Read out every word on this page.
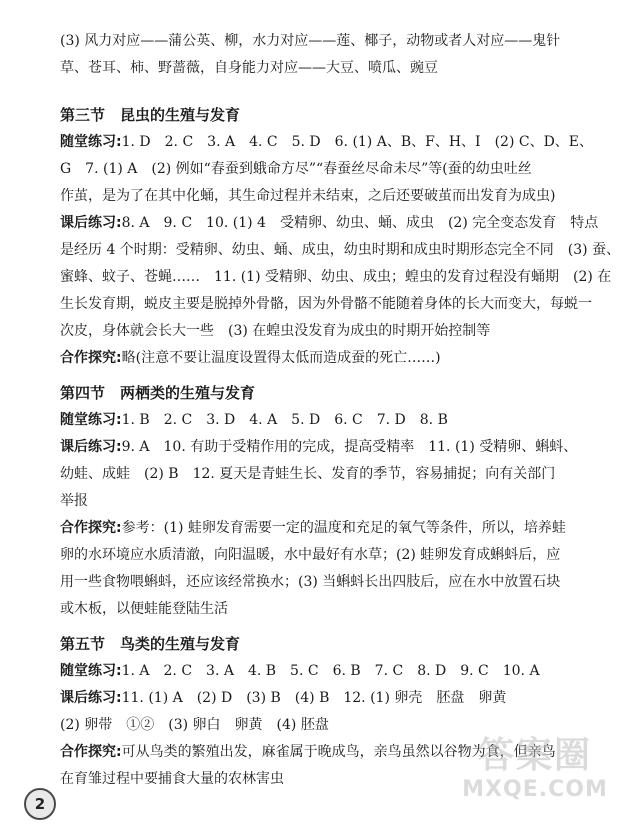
(3) 风力对应——蒲公英、柳，水力对应——莲、椰子，动物或者人对应——鬼针
草、苍耳、柿、野蔷薇，自身能力对应——大豆、喷瓜、豌豆
第三节　昆虫的生殖与发育
随堂练习:1. D　2. C　3. A　4. C　5. D　6. (1) A、B、F、H、I　(2) C、D、E、
G　7. (1) A　(2) 例如“春蚕到蛾命方尽”“春蚕丝尽命未尽”等(蚕的幼虫吐丝
作茧，是为了在其中化蛹，其生命过程并未结束，之后还要破茧而出发育为成虫)
课后练习:8. A　9. C　10. (1) 4　受精卵、幼虫、蛹、成虫　(2) 完全变态发育　特点
是经历 4 个时期：受精卵、幼虫、蛹、成虫，幼虫时期和成虫时期形态完全不同　(3) 蚕、
蜜蜂、蚊子、苍蝇……　11. (1) 受精卵、幼虫、成虫；蝗虫的发育过程没有蛹期　(2) 在
生长发育期，蜕皮主要是脱掉外骨骼，因为外骨骼不能随着身体的长大而变大，每蜕一
次皮，身体就会长大一些　(3) 在蝗虫没发育为成虫的时期开始控制等
合作探究:略(注意不要让温度设置得太低而造成蚕的死亡……)
第四节　两栖类的生殖与发育
随堂练习:1. B　2. C　3. D　4. A　5. D　6. C　7. D　8. B
课后练习:9. A　10. 有助于受精作用的完成，提高受精率　11. (1) 受精卵、蝌蚪、
幼蛙、成蛙　(2) B　12. 夏天是青蛙生长、发育的季节，容易捕捉；向有关部门
举报
合作探究:参考：(1) 蛙卵发育需要一定的温度和充足的氧气等条件，所以，培养蛙
卵的水环境应水质清澈，向阳温暖，水中最好有水草；(2) 蛙卵发育成蝌蚪后，应
用一些食物喂蝌蚪，还应该经常换水；(3) 当蝌蚪长出四肢后，应在水中放置石块
或木板，以便蛙能登陆生活
第五节　鸟类的生殖与发育
随堂练习:1. A　2. C　3. A　4. B　5. C　6. B　7. C　8. D　9. C　10. A
课后练习:11. (1) A　(2) D　(3) B　(4) B　12. (1) 卵壳　胚盘　卵黄
(2) 卵带　①②　(3) 卵白　卵黄　(4) 胚盘
合作探究:可从鸟类的繁殖出发，麻雀属于晚成鸟，亲鸟虽然以谷物为食，但亲鸟
在育雏过程中要捕食大量的农林害虫
2
答案圈
MXQE.COM
